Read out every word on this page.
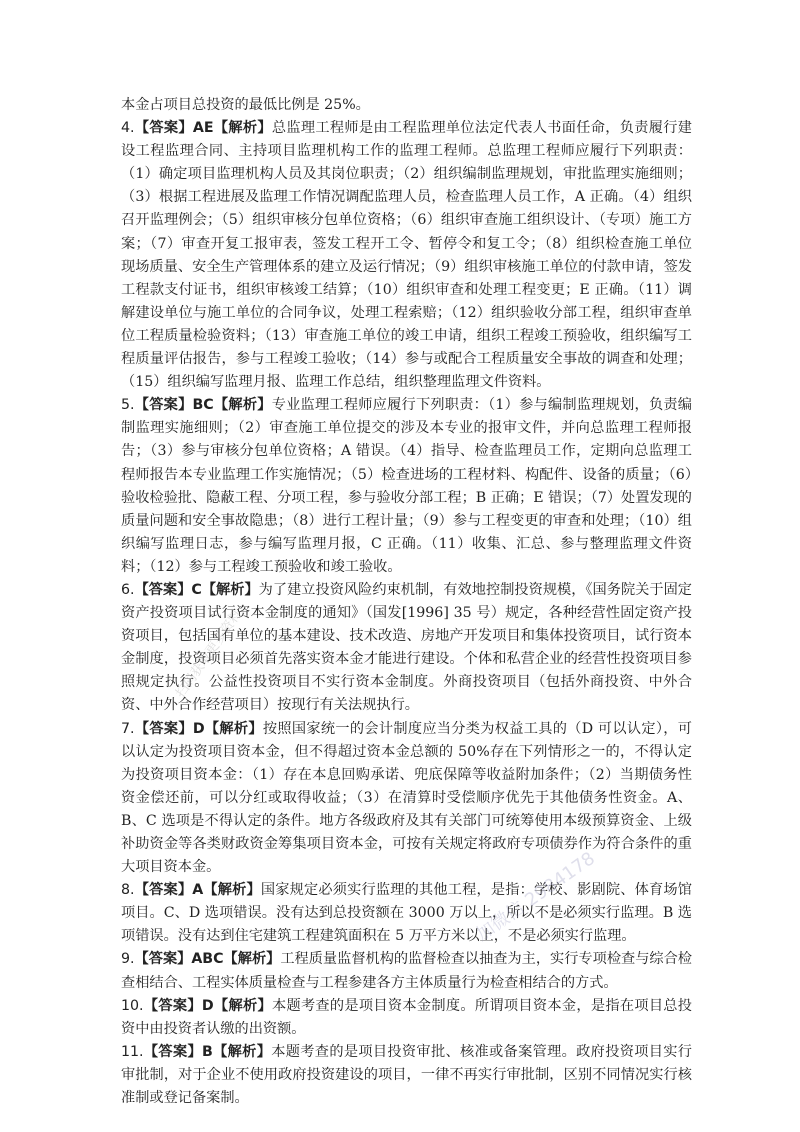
本金占项目总投资的最低比例是 25%。

4.【答案】AE【解析】总监理工程师是由工程监理单位法定代表人书面任命，负责履行建设工程监理合同、主持项目监理机构工作的监理工程师。总监理工程师应履行下列职责：（1）确定项目监理机构人员及其岗位职责；（2）组织编制监理规划，审批监理实施细则；（3）根据工程进展及监理工作情况调配监理人员，检查监理人员工作，A 正确。（4）组织召开监理例会；（5）组织审核分包单位资格；（6）组织审查施工组织设计、（专项）施工方案；（7）审查开复工报审表，签发工程开工令、暂停令和复工令；（8）组织检查施工单位现场质量、安全生产管理体系的建立及运行情况；（9）组织审核施工单位的付款申请，签发工程款支付证书，组织审核竣工结算；（10）组织审查和处理工程变更；E 正确。（11）调解建设单位与施工单位的合同争议，处理工程索赔；（12）组织验收分部工程，组织审查单位工程质量检验资料；（13）审查施工单位的竣工申请，组织工程竣工预验收，组织编写工程质量评估报告，参与工程竣工验收；（14）参与或配合工程质量安全事故的调查和处理；（15）组织编写监理月报、监理工作总结，组织整理监理文件资料。

5.【答案】BC【解析】专业监理工程师应履行下列职责：（1）参与编制监理规划，负责编制监理实施细则；（2）审查施工单位提交的涉及本专业的报审文件，并向总监理工程师报告；（3）参与审核分包单位资格；A 错误。（4）指导、检查监理员工作，定期向总监理工程师报告本专业监理工作实施情况；（5）检查进场的工程材料、构配件、设备的质量；（6）验收检验批、隐蔽工程、分项工程，参与验收分部工程；B 正确；E 错误；（7）处置发现的质量问题和安全事故隐患；（8）进行工程计量；（9）参与工程变更的审查和处理；（10）组织编写监理日志，参与编写监理月报，C 正确。（11）收集、汇总、参与整理监理文件资料；（12）参与工程竣工预验收和竣工验收。

6.【答案】C【解析】为了建立投资风险约束机制，有效地控制投资规模，《国务院关于固定资产投资项目试行资本金制度的通知》（国发[1996] 35 号）规定，各种经营性固定资产投资项目，包括国有单位的基本建设、技术改造、房地产开发项目和集体投资项目，试行资本金制度，投资项目必须首先落实资本金才能进行建设。个体和私营企业的经营性投资项目参照规定执行。公益性投资项目不实行资本金制度。外商投资项目（包括外商投资、中外合资、中外合作经营项目）按现行有关法规执行。

7.【答案】D【解析】按照国家统一的会计制度应当分类为权益工具的（D 可以认定），可以认定为投资项目资本金，但不得超过资本金总额的 50%存在下列情形之一的，不得认定为投资项目资本金：（1）存在本息回购承诺、兜底保障等收益附加条件；（2）当期债务性资金偿还前，可以分红或取得收益；（3）在清算时受偿顺序优先于其他债务性资金。A、B、C 选项是不得认定的条件。地方各级政府及其有关部门可统筹使用本级预算资金、上级补助资金等各类财政资金筹集项目资本金，可按有关规定将政府专项债券作为符合条件的重大项目资本金。

8.【答案】A【解析】国家规定必须实行监理的其他工程，是指：学校、影剧院、体育场馆项目。C、D 选项错误。没有达到总投资额在 3000 万以上，所以不是必须实行监理。B 选项错误。没有达到住宅建筑工程建筑面积在 5 万平方米以上，不是必须实行监理。

9.【答案】ABC【解析】工程质量监督机构的监督检查以抽查为主，实行专项检查与综合检查相结合、工程实体质量检查与工程参建各方主体质量行为检查相结合的方式。

10.【答案】D【解析】本题考查的是项目资本金制度。所谓项目资本金，是指在项目总投资中由投资者认缴的出资额。

11.【答案】B【解析】本题考查的是项目投资审批、核准或备案管理。政府投资项目实行审批制，对于企业不使用政府投资建设的项目，一律不再实行审批制，区别不同情况实行核准制或登记备案制。

扫码获取更多资料
加微信 2984178
